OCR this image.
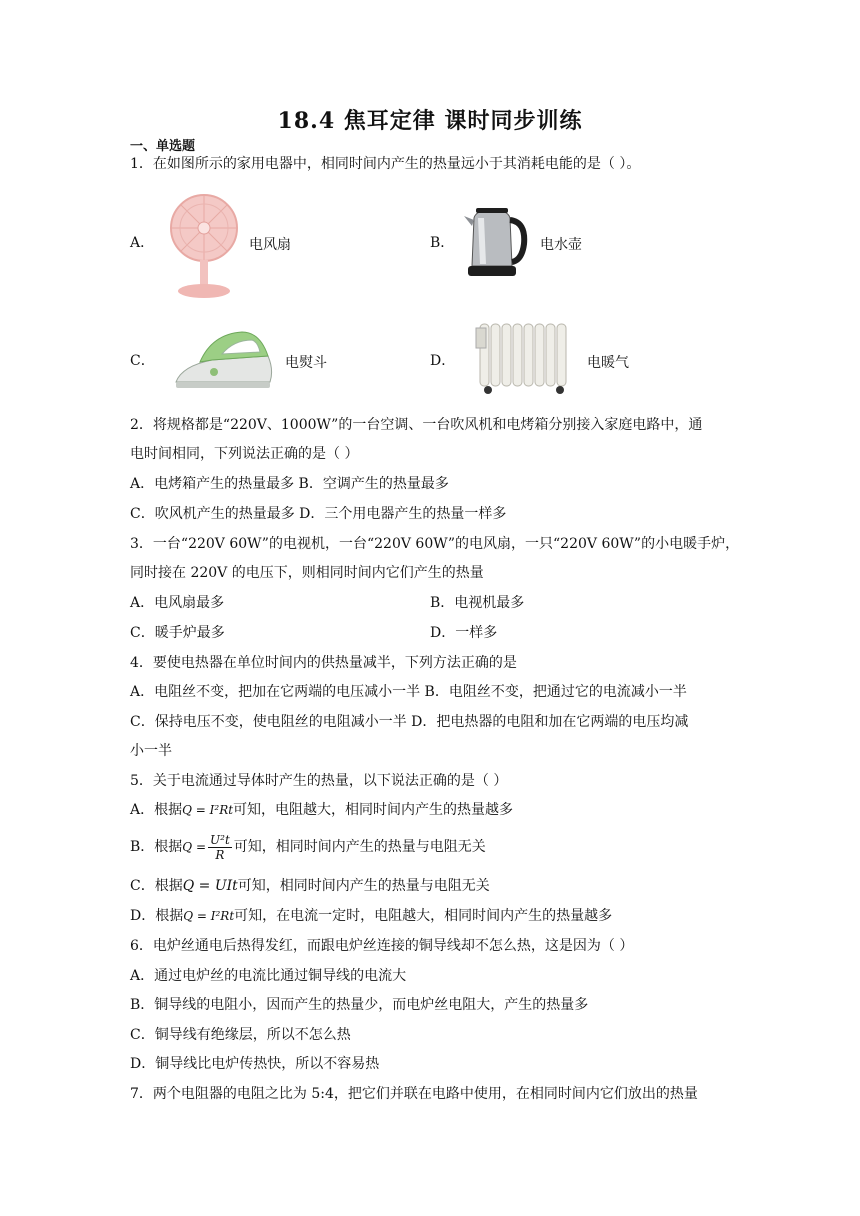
18.4 焦耳定律 课时同步训练
一、单选题
1．在如图所示的家用电器中，相同时间内产生的热量远小于其消耗电能的是（ ）。
A．	电风扇	B．	电水壶
C．	电熨斗	D．	电暖气
2．将规格都是“220V、1000W”的一台空调、一台吹风机和电烤箱分别接入家庭电路中，通
电时间相同，下列说法正确的是（ ）
A．电烤箱产生的热量最多 B．空调产生的热量最多
C．吹风机产生的热量最多 D．三个用电器产生的热量一样多
3．一台“220V 60W”的电视机，一台“220V 60W”的电风扇，一只“220V 60W”的小电暖手炉，
同时接在 220V 的电压下，则相同时间内它们产生的热量
A．电风扇最多	B．电视机最多
C．暖手炉最多	D．一样多
4．要使电热器在单位时间内的供热量减半，下列方法正确的是
A．电阻丝不变，把加在它两端的电压减小一半 B．电阻丝不变，把通过它的电流减小一半
C．保持电压不变，使电阻丝的电阻减小一半 D．把电热器的电阻和加在它两端的电压均减
小一半
5．关于电流通过导体时产生的热量，以下说法正确的是（ ）
A．根据Q = I²Rt可知，电阻越大，相同时间内产生的热量越多
B．根据$Q = \frac{\text{U²t}}{R}$ 可知，相同时间内产生的热量与电阻无关
C．根据Q = UIt可知，相同时间内产生的热量与电阻无关
D．根据Q = I²Rt可知，在电流一定时，电阻越大，相同时间内产生的热量越多
6．电炉丝通电后热得发红，而跟电炉丝连接的铜导线却不怎么热，这是因为（ ）
A．通过电炉丝的电流比通过铜导线的电流大
B．铜导线的电阻小，因而产生的热量少，而电炉丝电阻大，产生的热量多
C．铜导线有绝缘层，所以不怎么热
D．铜导线比电炉传热快，所以不容易热
7．两个电阻器的电阻之比为 5:4，把它们并联在电路中使用，在相同时间内它们放出的热量
